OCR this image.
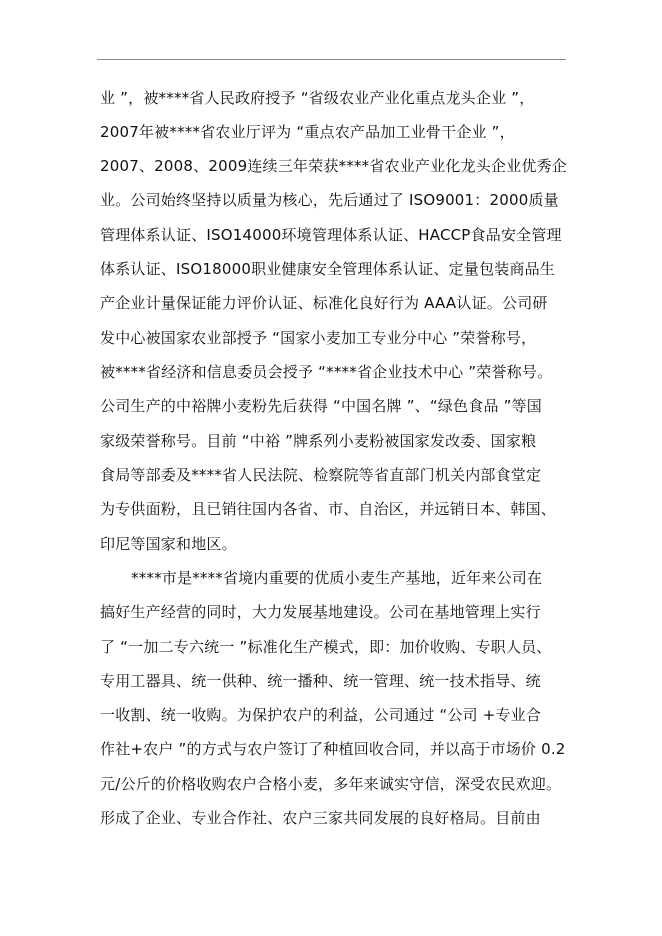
业 ”，被****省人民政府授予 “省级农业产业化重点龙头企业 ”，
2007年被****省农业厅评为 “重点农产品加工业骨干企业 ”，
2007、2008、2009连续三年荣获****省农业产业化龙头企业优秀企
业。公司始终坚持以质量为核心，先后通过了 ISO9001：2000质量
管理体系认证、ISO14000环境管理体系认证、HACCP食品安全管理
体系认证、ISO18000职业健康安全管理体系认证、定量包装商品生
产企业计量保证能力评价认证、标准化良好行为 AAA认证。公司研
发中心被国家农业部授予 “国家小麦加工专业分中心 ”荣誉称号，
被****省经济和信息委员会授予 “****省企业技术中心 ”荣誉称号。
公司生产的中裕牌小麦粉先后获得 “中国名牌 ”、“绿色食品 ”等国
家级荣誉称号。目前 “中裕 ”牌系列小麦粉被国家发改委、国家粮
食局等部委及****省人民法院、检察院等省直部门机关内部食堂定
为专供面粉，且已销往国内各省、市、自治区，并远销日本、韩国、
印尼等国家和地区。
****市是****省境内重要的优质小麦生产基地，近年来公司在
搞好生产经营的同时，大力发展基地建设。公司在基地管理上实行
了 “一加二专六统一 ”标准化生产模式，即：加价收购、专职人员、
专用工器具、统一供种、统一播种、统一管理、统一技术指导、统
一收割、统一收购。为保护农户的利益，公司通过 “公司 +专业合
作社+农户 ”的方式与农户签订了种植回收合同，并以高于市场价 0.2
元/公斤的价格收购农户合格小麦，多年来诚实守信，深受农民欢迎。
形成了企业、专业合作社、农户三家共同发展的良好格局。目前由
